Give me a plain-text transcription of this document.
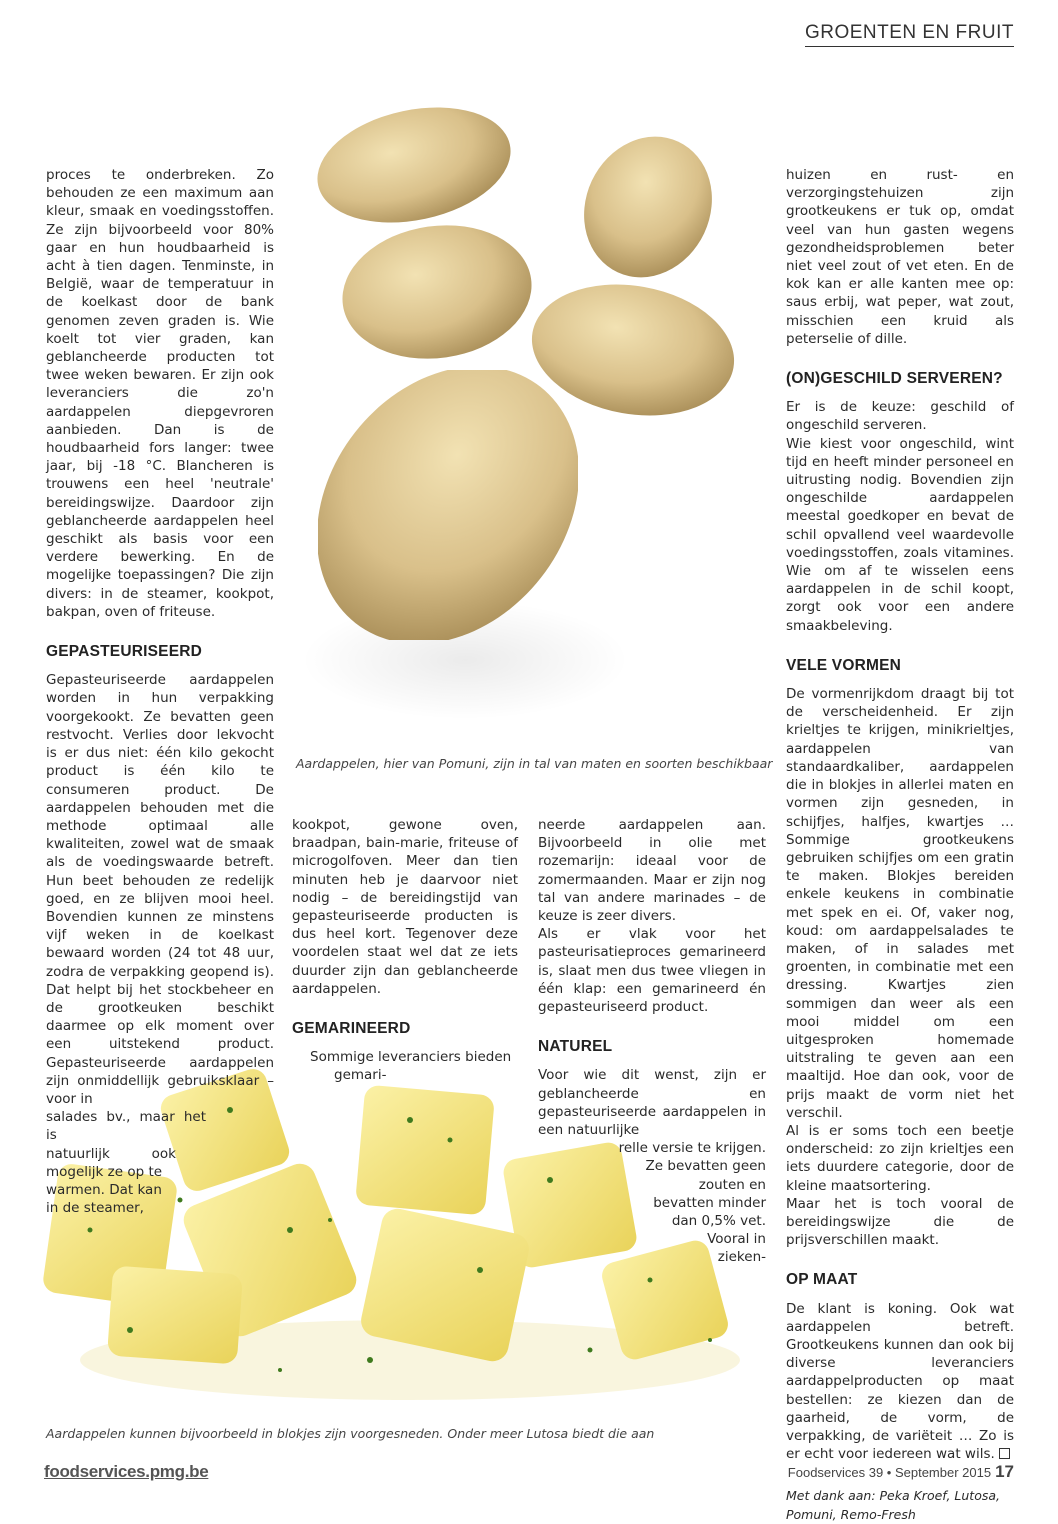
GROENTEN EN FRUIT
Aardappelen, hier van Pomuni, zijn in tal van maten en soorten beschikbaar

proces te onderbreken. Zo behouden ze een maximum aan kleur, smaak en voedingsstoffen. Ze zijn bijvoorbeeld voor 80% gaar en hun houdbaarheid is acht à tien dagen. Tenminste, in België, waar de temperatuur in de koelkast door de bank genomen zeven graden is. Wie koelt tot vier graden, kan geblancheerde producten tot twee weken bewaren. Er zijn ook leveranciers die zo'n aardappelen diepgevroren aanbieden. Dan is de houdbaarheid fors langer: twee jaar, bij -18 °C. Blancheren is trouwens een heel 'neutrale' bereidingswijze. Daardoor zijn geblancheerde aardappelen heel geschikt als basis voor een verdere bewerking. En de mogelijke toepassingen? Die zijn divers: in de steamer, kookpot, bakpan, oven of friteuse.

GEPASTEURISEERD

Gepasteuriseerde aardappelen worden in hun verpakking voorgekookt. Ze bevatten geen restvocht. Verlies door lekvocht is er dus niet: één kilo gekocht product is één kilo te consumeren product. De aardappelen behouden met die methode optimaal alle kwaliteiten, zowel wat de smaak als de voedingswaarde betreft. Hun beet behouden ze redelijk goed, en ze blijven mooi heel. Bovendien kunnen ze minstens vijf weken in de koelkast bewaard worden (24 tot 48 uur, zodra de verpakking geopend is). Dat helpt bij het stockbeheer en de grootkeuken beschikt daarmee op elk moment over een uitstekend product. Gepasteuriseerde aardappelen zijn onmiddellijk gebruiksklaar – voor in

salades bv., maar het is

natuurlijk ook mogelijk ze op te

warmen. Dat kan

in de steamer,

kookpot, gewone oven, braadpan, bain-marie, friteuse of microgolfoven. Meer dan tien minuten heb je daarvoor niet nodig – de bereidingstijd van gepasteuriseerde producten is dus heel kort. Tegenover deze voordelen staat wel dat ze iets duurder zijn dan geblancheerde aardappelen.

GEMARINEERD

Sommige leveranciers bieden

gemari-

neerde aardappelen aan. Bijvoorbeeld in olie met rozemarijn: ideaal voor de zomermaanden. Maar er zijn nog tal van andere marinades – de keuze is zeer divers.

Als er vlak voor het pasteurisatieproces gemarineerd is, slaat men dus twee vliegen in één klap: een gemarineerd én gepasteuriseerd product.

NATUREL

Voor wie dit wenst, zijn er geblancheerde en gepasteuriseerde aardappelen in een natuurlijke

relle versie te krijgen.

Ze bevatten geen

zouten en

bevatten minder

dan 0,5% vet.

Vooral in

zieken-

huizen en rust- en verzorgingstehuizen zijn grootkeukens er tuk op, omdat veel van hun gasten wegens gezondheidsproblemen beter niet veel zout of vet eten. En de kok kan er alle kanten mee op: saus erbij, wat peper, wat zout, misschien een kruid als peterselie of dille.

(ON)GESCHILD SERVEREN?

Er is de keuze: geschild of ongeschild serveren.

Wie kiest voor ongeschild, wint tijd en heeft minder personeel en uitrusting nodig. Bovendien zijn ongeschilde aardappelen meestal goedkoper en bevat de schil opvallend veel waardevolle voedingsstoffen, zoals vitamines. Wie om af te wisselen eens aardappelen in de schil koopt, zorgt ook voor een andere smaakbeleving.

VELE VORMEN

De vormenrijkdom draagt bij tot de verscheidenheid. Er zijn krieltjes te krijgen, minikrieltjes, aardappelen van standaardkaliber, aardappelen die in blokjes in allerlei maten en vormen zijn gesneden, in schijfjes, halfjes, kwartjes … Sommige grootkeukens gebruiken schijfjes om een gratin te maken. Blokjes bereiden enkele keukens in combinatie met spek en ei. Of, vaker nog, koud: om aardappelsalades te maken, of in salades met groenten, in combinatie met een dressing. Kwartjes zien sommigen dan weer als een mooi middel om een uitgesproken homemade uitstraling te geven aan een maaltijd. Hoe dan ook, voor de prijs maakt de vorm niet het verschil.

Al is er soms toch een beetje onderscheid: zo zijn krieltjes een iets duurdere categorie, door de kleine maatsortering.

Maar het is toch vooral de bereidingswijze die de prijsverschillen maakt.

OP MAAT

De klant is koning. Ook wat aardappelen betreft. Grootkeukens kunnen dan ook bij diverse leveranciers aardappelproducten op maat bestellen: ze kiezen dan de gaarheid, de vorm, de verpakking, de variëteit … Zo is er echt voor iedereen wat wils.

Met dank aan: Peka Kroef, Lutosa, Pomuni, Remo-Fresh

Aardappelen kunnen bijvoorbeeld in blokjes zijn voorgesneden. Onder meer Lutosa biedt die aan
foodservices.pmg.be	Foodservices 39 • September 2015 17
